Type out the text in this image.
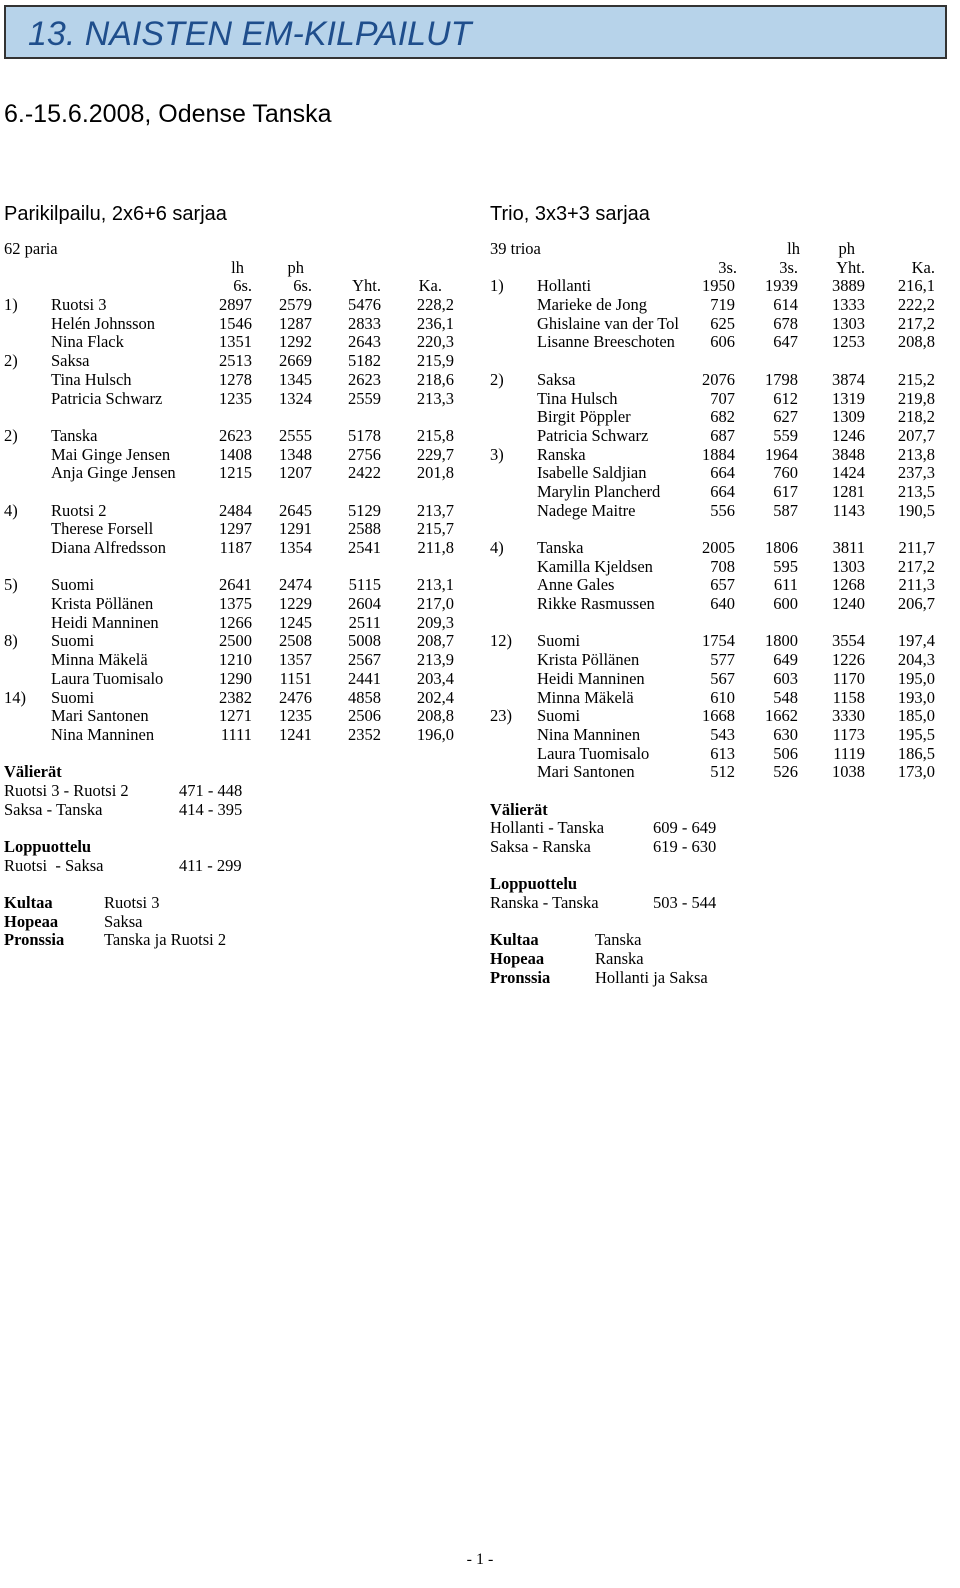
13. NAISTEN EM-KILPAILUT
6.-15.6.2008, Odense Tanska
Parikilpailu, 2x6+6 sarjaa	Trio, 3x3+3 sarjaa
62 paria
lh	ph
6s.	6s.	Yht.	Ka.
1) Ruotsi 3	2897	2579	5476	228,2
Helén Johnsson	1546	1287	2833	236,1
Nina Flack	1351	1292	2643	220,3
2) Saksa	2513	2669	5182	215,9
Tina Hulsch	1278	1345	2623	218,6
Patricia Schwarz	1235	1324	2559	213,3
2) Tanska	2623	2555	5178	215,8
Mai Ginge Jensen	1408	1348	2756	229,7
Anja Ginge Jensen	1215	1207	2422	201,8
4) Ruotsi 2	2484	2645	5129	213,7
Therese Forsell	1297	1291	2588	215,7
Diana Alfredsson	1187	1354	2541	211,8
5) Suomi	2641	2474	5115	213,1
Krista Pöllänen	1375	1229	2604	217,0
Heidi Manninen	1266	1245	2511	209,3
8) Suomi	2500	2508	5008	208,7
Minna Mäkelä	1210	1357	2567	213,9
Laura Tuomisalo	1290	1151	2441	203,4
14) Suomi	2382	2476	4858	202,4
Mari Santonen	1271	1235	2506	208,8
Nina Manninen	1111	1241	2352	196,0
Välierät
Ruotsi 3 - Ruotsi 2	471 - 448
Saksa - Tanska	414 - 395
Loppuottelu
Ruotsi  - Saksa	411 - 299
Kultaa	Ruotsi 3
Hopeaa	Saksa
Pronssia Tanska ja Ruotsi 2
39 trioa	lh	ph
3s.	3s.	Yht.	Ka.
1) Hollanti	1950	1939	3889	216,1
Marieke de Jong	719	614	1333	222,2
Ghislaine van der Tol	625	678	1303	217,2
Lisanne Breeschoten	606	647	1253	208,8
2) Saksa	2076	1798	3874	215,2
Tina Hulsch	707	612	1319	219,8
Birgit Pöppler	682	627	1309	218,2
Patricia Schwarz	687	559	1246	207,7
3) Ranska	1884	1964	3848	213,8
Isabelle Saldjian	664	760	1424	237,3
Marylin Plancherd	664	617	1281	213,5
Nadege Maitre	556	587	1143	190,5
4) Tanska	2005	1806	3811	211,7
Kamilla Kjeldsen	708	595	1303	217,2
Anne Gales	657	611	1268	211,3
Rikke Rasmussen	640	600	1240	206,7
12) Suomi	1754	1800	3554	197,4
Krista Pöllänen	577	649	1226	204,3
Heidi Manninen	567	603	1170	195,0
Minna Mäkelä	610	548	1158	193,0
23) Suomi	1668	1662	3330	185,0
Nina Manninen	543	630	1173	195,5
Laura Tuomisalo	613	506	1119	186,5
Mari Santonen	512	526	1038	173,0
Välierät
Hollanti - Tanska	609 - 649
Saksa - Ranska	619 - 630
Loppuottelu
Ranska - Tanska	503 - 544
Kultaa	Tanska
Hopeaa	Ranska
Pronssia	Hollanti ja Saksa
- 1 -
